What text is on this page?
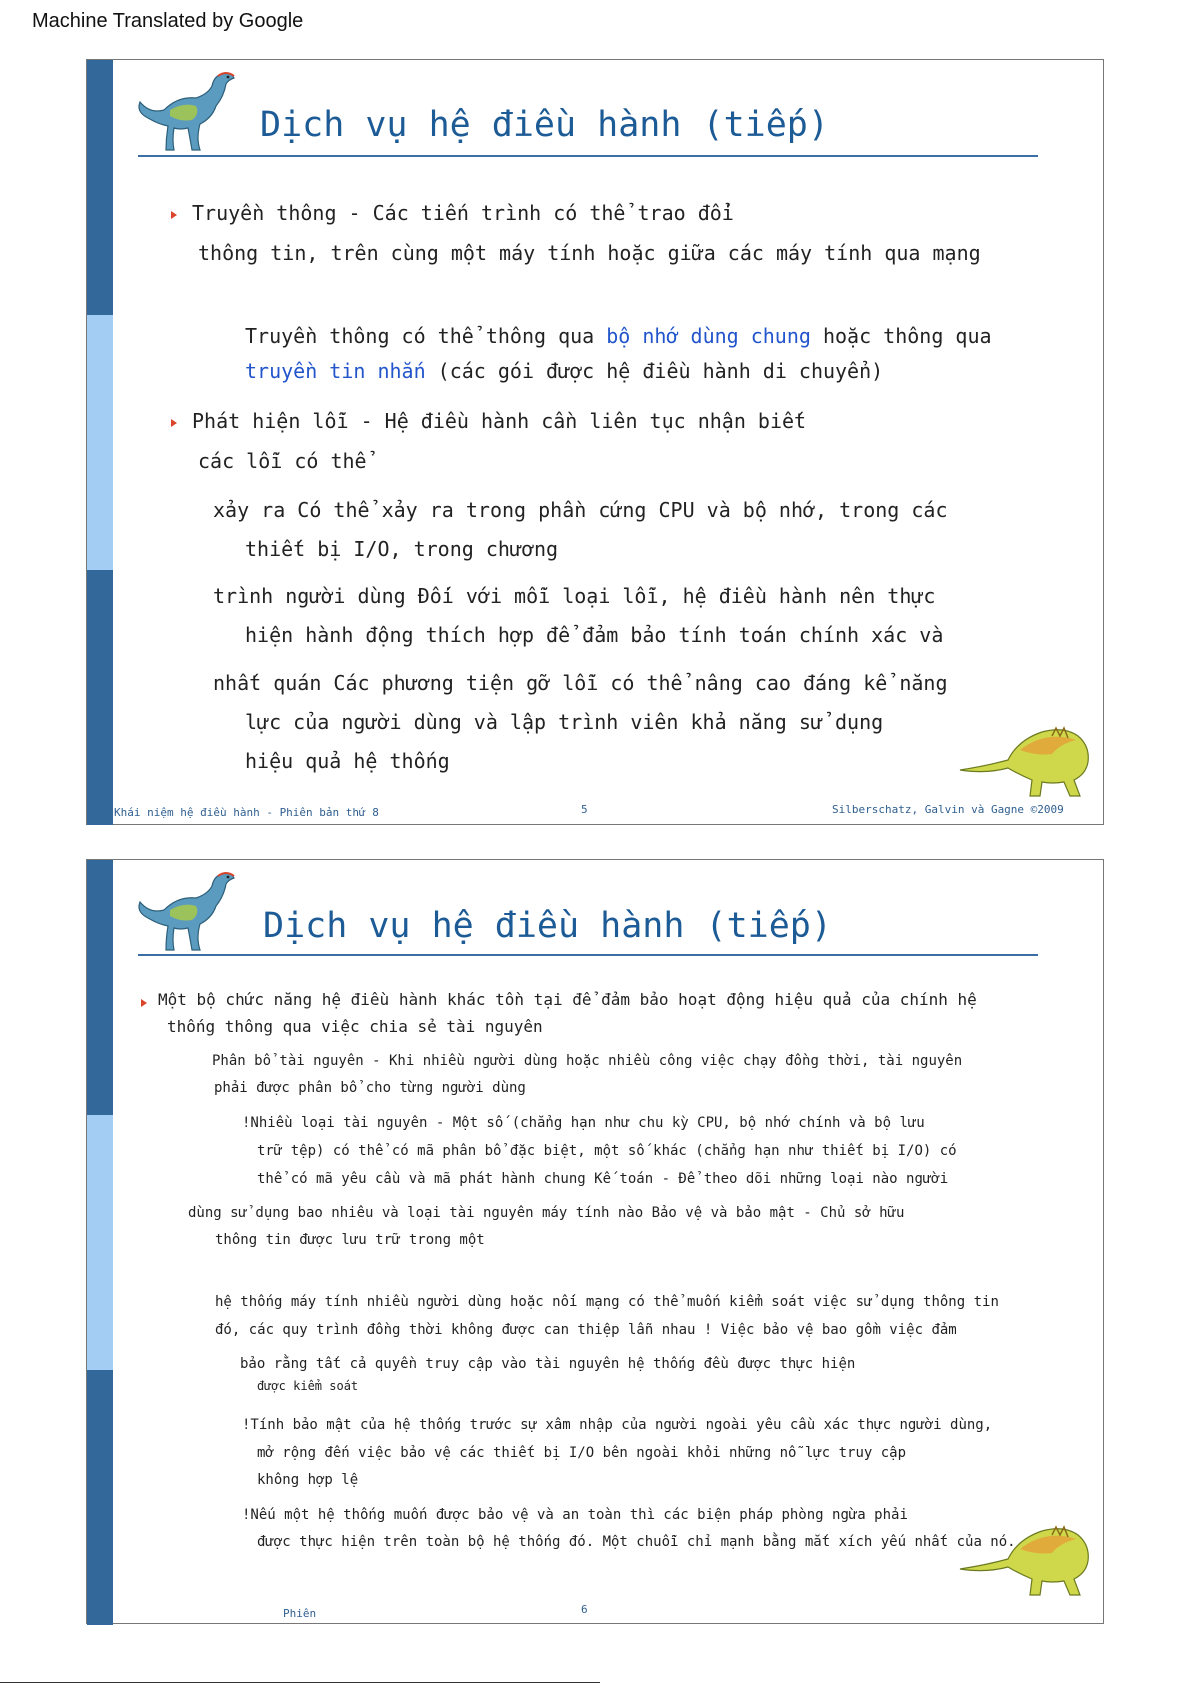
Machine Translated by Google
Dịch vụ hệ điều hành (tiếp)
Truyền thông - Các tiến trình có thể trao đổi
thông tin, trên cùng một máy tính hoặc giữa các máy tính qua mạng
Truyền thông có thể thông qua bộ nhớ dùng chung hoặc thông qua
truyền tin nhắn (các gói được hệ điều hành di chuyển)
Phát hiện lỗi - Hệ điều hành cần liên tục nhận biết
các lỗi có thể
xảy ra Có thể xảy ra trong phần cứng CPU và bộ nhớ, trong các
thiết bị I/O, trong chương
trình người dùng Đối với mỗi loại lỗi, hệ điều hành nên thực
hiện hành động thích hợp để đảm bảo tính toán chính xác và
nhất quán Các phương tiện gỡ lỗi có thể nâng cao đáng kể năng
lực của người dùng và lập trình viên khả năng sử dụng
hiệu quả hệ thống
Khái niệm hệ điều hành - Phiên bản thứ 8	5	Silberschatz, Galvin và Gagne ©2009
Dịch vụ hệ điều hành (tiếp)
Một bộ chức năng hệ điều hành khác tồn tại để đảm bảo hoạt động hiệu quả của chính hệ
thống thông qua việc chia sẻ tài nguyên
Phân bổ tài nguyên - Khi nhiều người dùng hoặc nhiều công việc chạy đồng thời, tài nguyên
phải được phân bổ cho từng người dùng
!Nhiều loại tài nguyên - Một số (chẳng hạn như chu kỳ CPU, bộ nhớ chính và bộ lưu
trữ tệp) có thể có mã phân bổ đặc biệt, một số khác (chẳng hạn như thiết bị I/O) có
thể có mã yêu cầu và mã phát hành chung Kế toán - Để theo dõi những loại nào người
dùng sử dụng bao nhiêu và loại tài nguyên máy tính nào Bảo vệ và bảo mật - Chủ sở hữu
thông tin được lưu trữ trong một
hệ thống máy tính nhiều người dùng hoặc nối mạng có thể muốn kiểm soát việc sử dụng thông tin
đó, các quy trình đồng thời không được can thiệp lẫn nhau ! Việc bảo vệ bao gồm việc đảm
bảo rằng tất cả quyền truy cập vào tài nguyên hệ thống đều được thực hiện
được kiểm soát
!Tính bảo mật của hệ thống trước sự xâm nhập của người ngoài yêu cầu xác thực người dùng,
mở rộng đến việc bảo vệ các thiết bị I/O bên ngoài khỏi những nỗ lực truy cập
không hợp lệ
!Nếu một hệ thống muốn được bảo vệ và an toàn thì các biện pháp phòng ngừa phải
được thực hiện trên toàn bộ hệ thống đó. Một chuỗi chỉ mạnh bằng mắt xích yếu nhất của nó.
Phiên	6
